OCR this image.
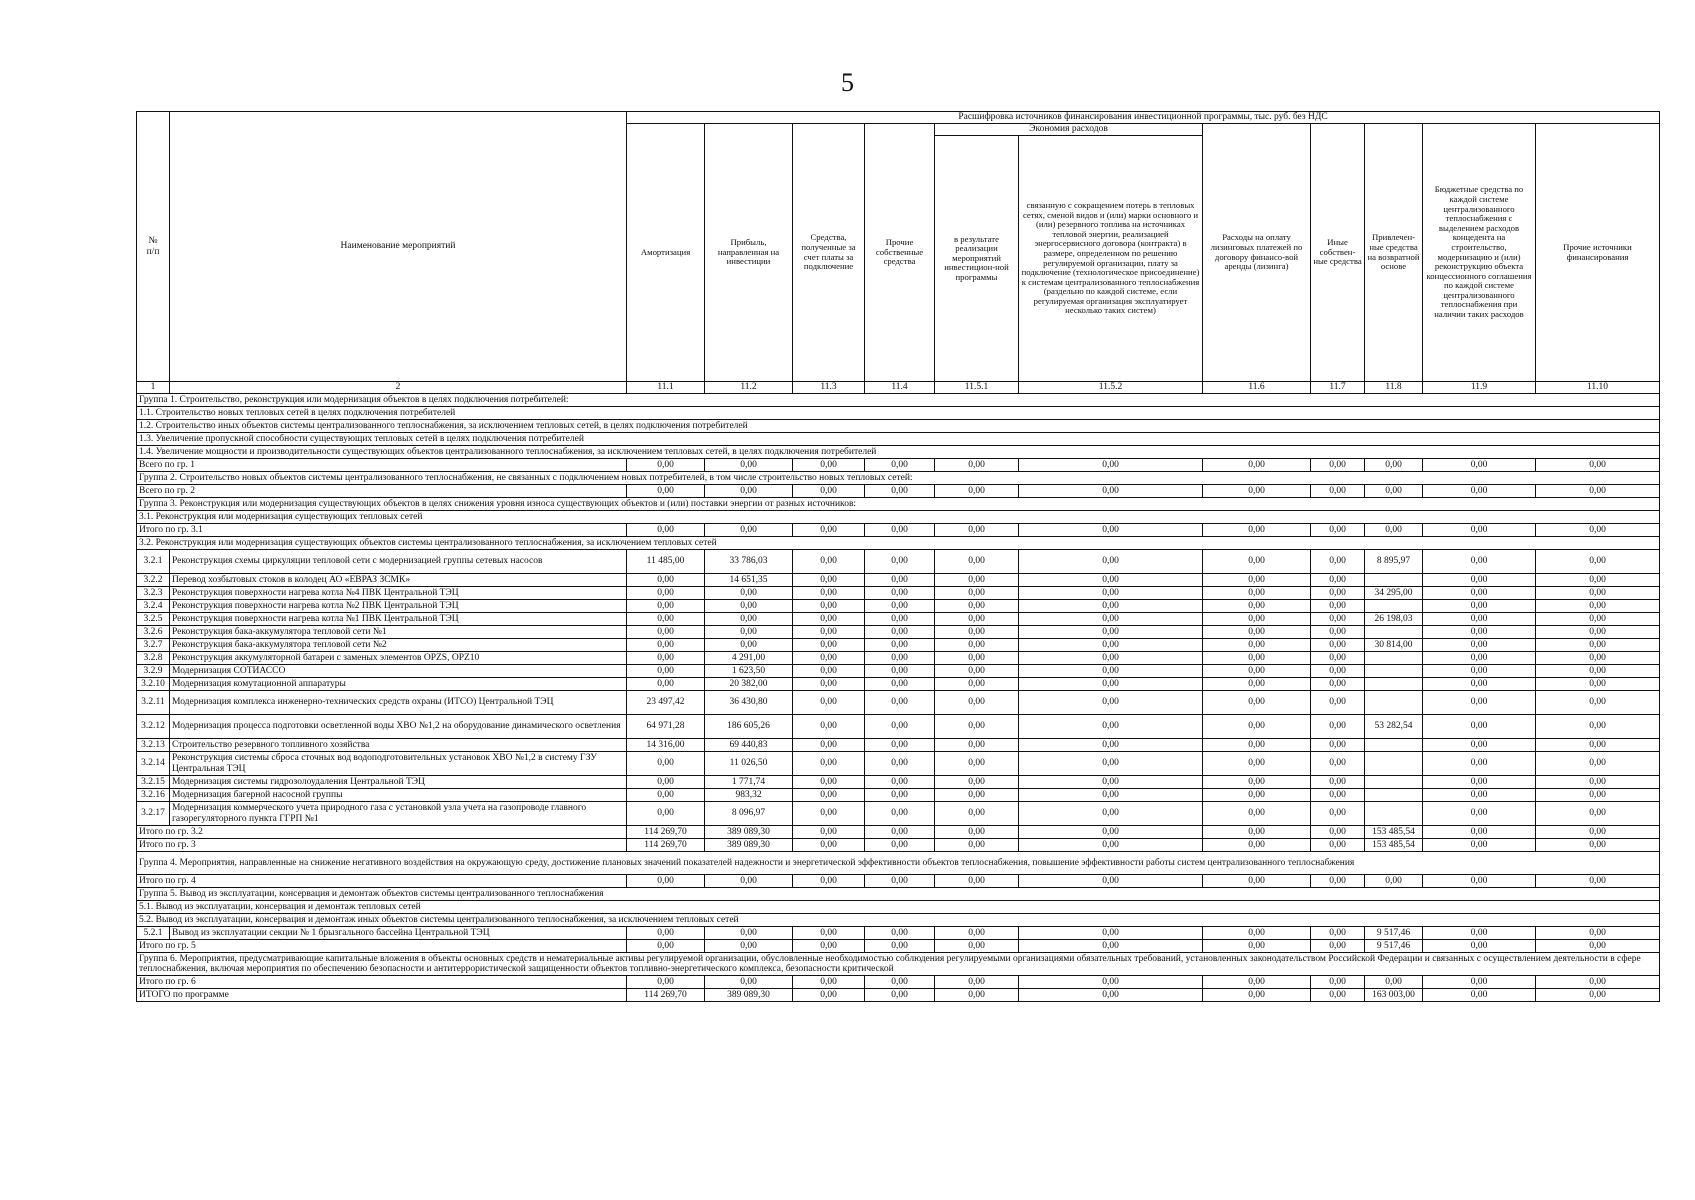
5
№
п/п	Наименование мероприятий	Расшифровка источников финансирования инвестиционной программы, тыс. руб. без НДС										
		Амортизация	Прибыль, направленная на инвестиции	Средства, полученные за счет платы за подключение	Прочие собственные средства	Экономия расходов		Расходы на оплату лизинговых платежей по договору финансо-вой аренды (лизинга)	Иные собствен-ные средства	Привлечен-ные средства на возвратной основе	Бюджетные средства по каждой системе централизованного теплоснабжения с выделением расходов концедента на строительство, модернизацию и (или) реконструкцию объекта концессионного соглашения по каждой системе централизованного теплоснабжения при наличии таких расходов	Прочие источники финансирования
						в результате реализации мероприятий инвестицион-ной программы	связанную с сокращением потерь в тепловых сетях, сменой видов и (или) марки основного и (или) резервного топлива на источниках тепловой энергии, реализацией энергосервисного договора (контракта) в размере, определенном по решению регулируемой организации, плату за подключение (технологическое присоединение) к системам централизованного теплоснабжения (раздельно по каждой системе, если регулируемая организация эксплуатирует несколько таких систем)					
1	2	11.1	11.2	11.3	11.4	11.5.1	11.5.2	11.6	11.7	11.8	11.9	11.10
Группа 1. Строительство, реконструкция или модернизация объектов в целях подключения потребителей:												
1.1. Строительство новых тепловых сетей в целях подключения потребителей												
1.2. Строительство иных объектов системы централизованного теплоснабжения, за исключением тепловых сетей, в целях подключения потребителей												
1.3. Увеличение пропускной способности существующих тепловых сетей в целях подключения потребителей												
1.4. Увеличение мощности и производительности существующих объектов централизованного теплоснабжения, за исключением тепловых сетей, в целях подключения потребителей												
Всего по гр. 1		0,00	0,00	0,00	0,00	0,00	0,00	0,00	0,00	0,00	0,00	0,00
Группа 2. Строительство новых объектов системы централизованного теплоснабжения, не связанных с подключением новых потребителей, в том числе строительство новых тепловых сетей:												
Всего по гр. 2		0,00	0,00	0,00	0,00	0,00	0,00	0,00	0,00	0,00	0,00	0,00
Группа 3. Реконструкция или модернизация существующих объектов в целях снижения уровня износа существующих объектов и (или) поставки энергии от разных источников:												
3.1. Реконструкция или модернизация существующих тепловых сетей												
Итого по гр. 3.1		0,00	0,00	0,00	0,00	0,00	0,00	0,00	0,00	0,00	0,00	0,00
3.2. Реконструкция или модернизация существующих объектов системы централизованного теплоснабжения, за исключением тепловых сетей												
3.2.1	Реконструкция схемы циркуляции тепловой сети с модернизацией группы сетевых насосов	11 485,00	33 786,03	0,00	0,00	0,00	0,00	0,00	0,00	8 895,97	0,00	0,00
3.2.2	Перевод хозбытовых стоков в колодец АО «ЕВРАЗ ЗСМК»	0,00	14 651,35	0,00	0,00	0,00	0,00	0,00	0,00		0,00	0,00
3.2.3	Реконструкция поверхности нагрева котла №4 ПВК Центральной ТЭЦ	0,00	0,00	0,00	0,00	0,00	0,00	0,00	0,00	34 295,00	0,00	0,00
3.2.4	Реконструкция поверхности нагрева котла №2 ПВК Центральной ТЭЦ	0,00	0,00	0,00	0,00	0,00	0,00	0,00	0,00		0,00	0,00
3.2.5	Реконструкция поверхности нагрева котла №1 ПВК Центральной ТЭЦ	0,00	0,00	0,00	0,00	0,00	0,00	0,00	0,00	26 198,03	0,00	0,00
3.2.6	Реконструкция бака-аккумулятора тепловой сети №1	0,00	0,00	0,00	0,00	0,00	0,00	0,00	0,00		0,00	0,00
3.2.7	Реконструкция бака-аккумулятора тепловой сети №2	0,00	0,00	0,00	0,00	0,00	0,00	0,00	0,00	30 814,00	0,00	0,00
3.2.8	Реконструкция аккумуляторной батареи с заменых элементов OPZS, OPZ10	0,00	4 291,00	0,00	0,00	0,00	0,00	0,00	0,00		0,00	0,00
3.2.9	Модернизация СОТИАССО	0,00	1 623,50	0,00	0,00	0,00	0,00	0,00	0,00		0,00	0,00
3.2.10	Модернизация комутационной аппаратуры	0,00	20 382,00	0,00	0,00	0,00	0,00	0,00	0,00		0,00	0,00
3.2.11	Модернизация комплекса инженерно-технических средств охраны (ИТСО) Центральной ТЭЦ	23 497,42	36 430,80	0,00	0,00	0,00	0,00	0,00	0,00		0,00	0,00
3.2.12	Модернизация процесса подготовки осветленной воды ХВО №1,2 на оборудование динамического осветления	64 971,28	186 605,26	0,00	0,00	0,00	0,00	0,00	0,00	53 282,54	0,00	0,00
3.2.13	Строительство резервного топливного хозяйства	14 316,00	69 440,83	0,00	0,00	0,00	0,00	0,00	0,00		0,00	0,00
3.2.14	Реконструкция системы сброса сточных вод водоподготовительных установок ХВО №1,2 в систему ГЗУ Центральная ТЭЦ	0,00	11 026,50	0,00	0,00	0,00	0,00	0,00	0,00		0,00	0,00
3.2.15	Модернизация системы гидрозолоудаления Центральной ТЭЦ	0,00	1 771,74	0,00	0,00	0,00	0,00	0,00	0,00		0,00	0,00
3.2.16	Модернизация багерной насосной группы	0,00	983,32	0,00	0,00	0,00	0,00	0,00	0,00		0,00	0,00
3.2.17	Модернизация коммерческого учета природного газа с установкой узла учета на газопроводе главного газорегуляторного пункта ГГРП №1	0,00	8 096,97	0,00	0,00	0,00	0,00	0,00	0,00		0,00	0,00
Итого по гр. 3.2		114 269,70	389 089,30	0,00	0,00	0,00	0,00	0,00	0,00	153 485,54	0,00	0,00
Итого по гр. 3		114 269,70	389 089,30	0,00	0,00	0,00	0,00	0,00	0,00	153 485,54	0,00	0,00
Группа 4. Мероприятия, направленные на снижение негативного воздействия на окружающую среду, достижение плановых значений показателей надежности и энергетической эффективности объектов теплоснабжения, повышение эффективности работы систем централизованного теплоснабжения												
Итого по гр. 4		0,00	0,00	0,00	0,00	0,00	0,00	0,00	0,00	0,00	0,00	0,00
Группа 5. Вывод из эксплуатации, консервация и демонтаж объектов системы централизованного теплоснабжения												
5.1. Вывод из эксплуатации, консервация и демонтаж тепловых сетей												
5.2. Вывод из эксплуатации, консервация и демонтаж иных объектов системы централизованного теплоснабжения, за исключением тепловых сетей												
5.2.1	Вывод из эксплуатации секции № 1 брызгального бассейна Центральной ТЭЦ	0,00	0,00	0,00	0,00	0,00	0,00	0,00	0,00	9 517,46	0,00	0,00
Итого по гр. 5		0,00	0,00	0,00	0,00	0,00	0,00	0,00	0,00	9 517,46	0,00	0,00
Группа 6. Мероприятия, предусматривающие капитальные вложения в объекты основных средств и нематериальные активы регулируемой организации, обусловленные необходимостью соблюдения регулируемыми организациями обязательных требований, установленных законодательством Российской Федерации и связанных с осуществлением деятельности в сфере теплоснабжения, включая мероприятия по обеспечению безопасности и антитеррористической защищенности объектов топливно-энергетического комплекса, безопасности критической												
Итого по гр. 6		0,00	0,00	0,00	0,00	0,00	0,00	0,00	0,00	0,00	0,00	0,00
ИТОГО по программе		114 269,70	389 089,30	0,00	0,00	0,00	0,00	0,00	0,00	163 003,00	0,00	0,00
